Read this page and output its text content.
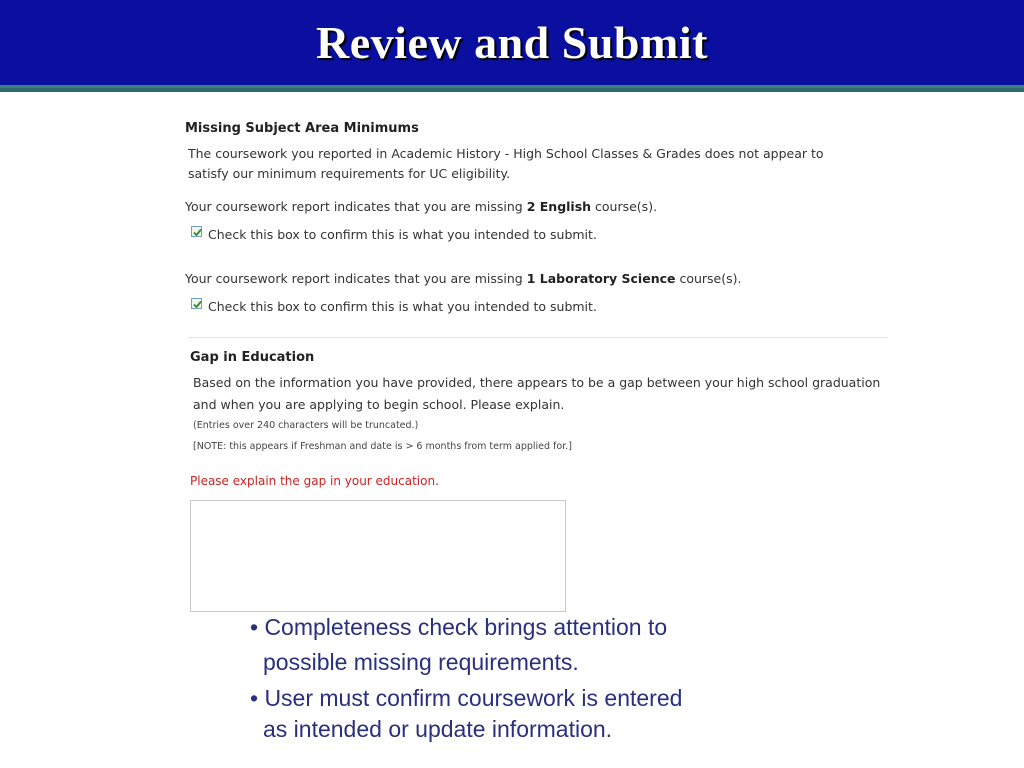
Review and Submit
Missing Subject Area Minimums
The coursework you reported in Academic History - High School Classes & Grades does not appear to
satisfy our minimum requirements for UC eligibility.
Your coursework report indicates that you are missing 2 English course(s).
Check this box to confirm this is what you intended to submit.
Your coursework report indicates that you are missing 1 Laboratory Science course(s).
Check this box to confirm this is what you intended to submit.
Gap in Education
Based on the information you have provided, there appears to be a gap between your high school graduation
and when you are applying to begin school. Please explain.
(Entries over 240 characters will be truncated.)
[NOTE: this appears if Freshman and date is > 6 months from term applied for.]
Please explain the gap in your education.
• Completeness check brings attention to
possible missing requirements.
• User must confirm coursework is entered
as intended or update information.
